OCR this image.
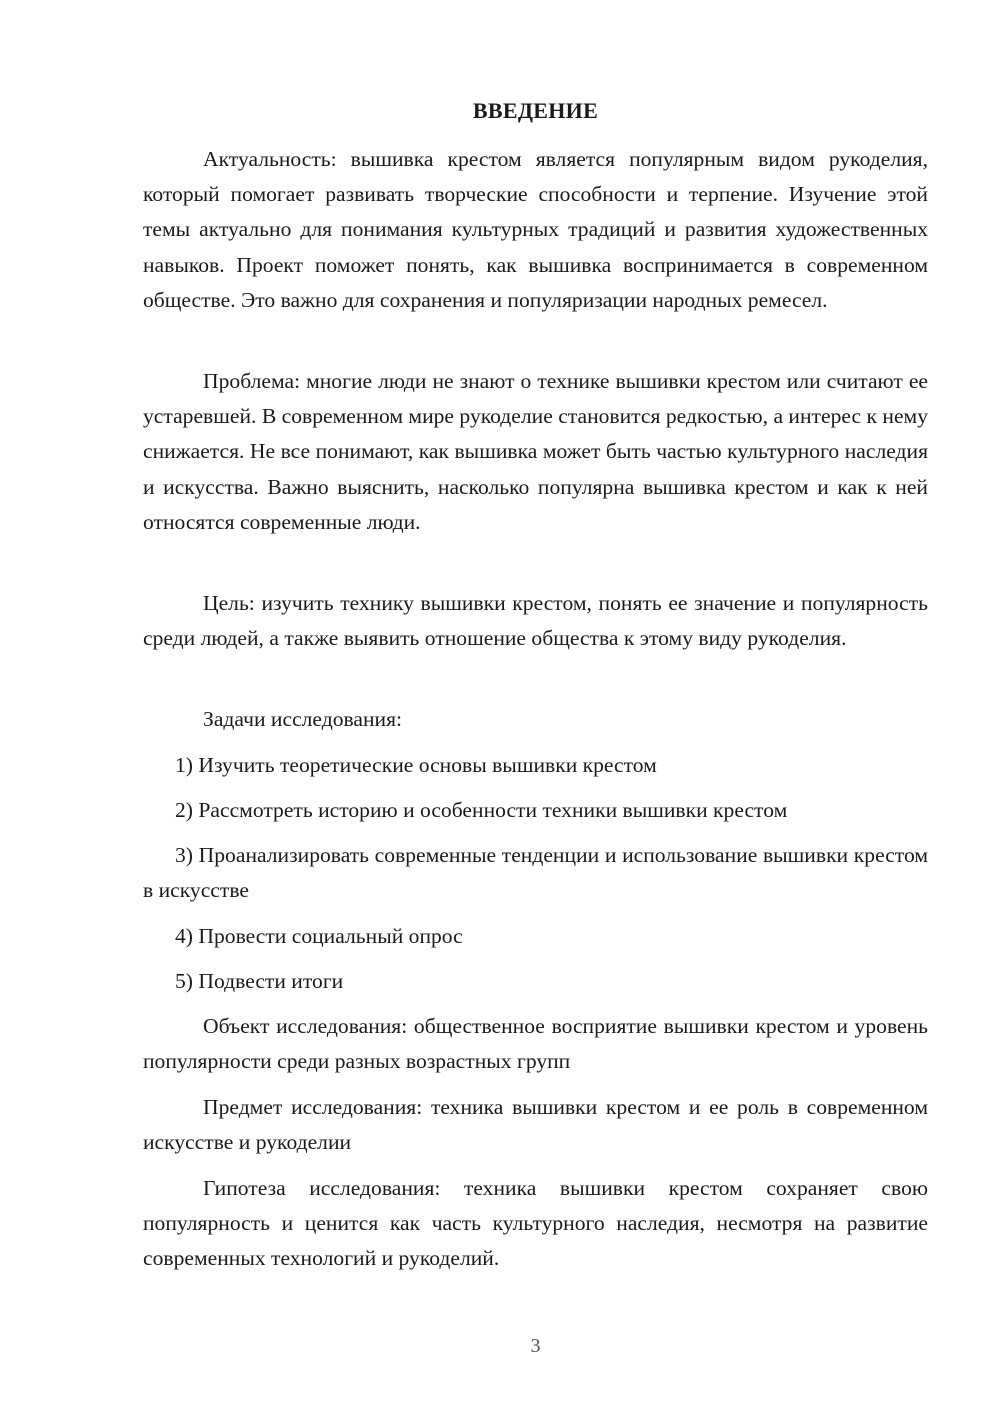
ВВЕДЕНИЕ

Актуальность: вышивка крестом является популярным видом рукоделия, который помогает развивать творческие способности и терпение. Изучение этой темы актуально для понимания культурных традиций и развития художественных навыков. Проект поможет понять, как вышивка воспринимается в современном обществе. Это важно для сохранения и популяризации народных ремесел.

Проблема: многие люди не знают о технике вышивки крестом или считают ее устаревшей. В современном мире рукоделие становится редкостью, а интерес к нему снижается. Не все понимают, как вышивка может быть частью культурного наследия и искусства. Важно выяснить, насколько популярна вышивка крестом и как к ней относятся современные люди.

Цель: изучить технику вышивки крестом, понять ее значение и популярность среди людей, а также выявить отношение общества к этому виду рукоделия.

Задачи исследования:

1) Изучить теоретические основы вышивки крестом

2) Рассмотреть историю и особенности техники вышивки крестом

3) Проанализировать современные тенденции и использование вышивки крестом в искусстве

4) Провести социальный опрос

5) Подвести итоги

Объект исследования: общественное восприятие вышивки крестом и уровень популярности среди разных возрастных групп

Предмет исследования: техника вышивки крестом и ее роль в современном искусстве и рукоделии

Гипотеза исследования: техника вышивки крестом сохраняет свою популярность и ценится как часть культурного наследия, несмотря на развитие современных технологий и рукоделий.

3
